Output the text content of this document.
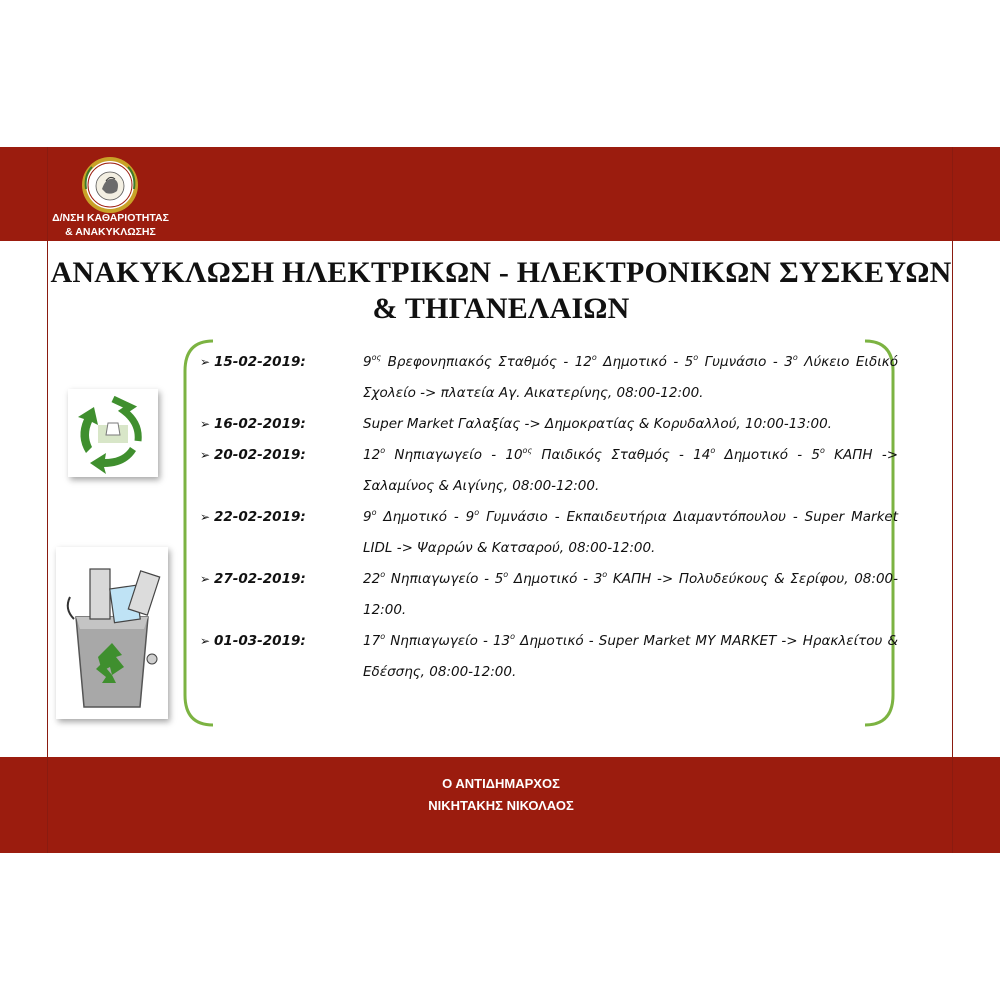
Δ/ΝΣΗ ΚΑΘΑΡΙΟΤΗΤΑΣ
& ΑΝΑΚΥΚΛΩΣΗΣ
ΑΝΑΚΥΚΛΩΣΗ ΗΛΕΚΤΡΙΚΩΝ - ΗΛΕΚΤΡΟΝΙΚΩΝ ΣΥΣΚΕΥΩΝ
& ΤΗΓΑΝΕΛΑΙΩΝ
➢ 15-02-2019:	$9^{o\varsigma}$ Βρεφονηπιακός Σταθμός - $12^o$ Δημοτικό - $5^o$ Γυμνάσιο - $3^o$ Λύκειο Ειδικό Σχολείο -> πλατεία Αγ. Αικατερίνης, 08:00-12:00.
➢ 16-02-2019:	Super Market Γαλαξίας -> Δημοκρατίας & Κορυδαλλού, 10:00-13:00.
➢ 20-02-2019:	$12^o$ Νηπιαγωγείο - $10^{o\varsigma}$ Παιδικός Σταθμός - $14^o$ Δημοτικό - $5^o$ ΚΑΠΗ -> Σαλαμίνος & Αιγίνης, 08:00-12:00.
➢ 22-02-2019:	$9^o$ Δημοτικό - $9^o$ Γυμνάσιο - Εκπαιδευτήρια Διαμαντόπουλου - Super Market LIDL -> Ψαρρών & Κατσαρού, 08:00-12:00.
➢ 27-02-2019:	$22^o$ Νηπιαγωγείο - $5^o$ Δημοτικό - $3^o$ ΚΑΠΗ -> Πολυδεύκους & Σερίφου, 08:00-12:00.
➢ 01-03-2019:	$17^o$ Νηπιαγωγείο - $13^o$ Δημοτικό - Super Market MY MARKET -> Ηρακλείτου & Εδέσσης, 08:00-12:00.
Ο ΑΝΤΙΔΗΜΑΡΧΟΣ
ΝΙΚΗΤΑΚΗΣ ΝΙΚΟΛΑΟΣ
